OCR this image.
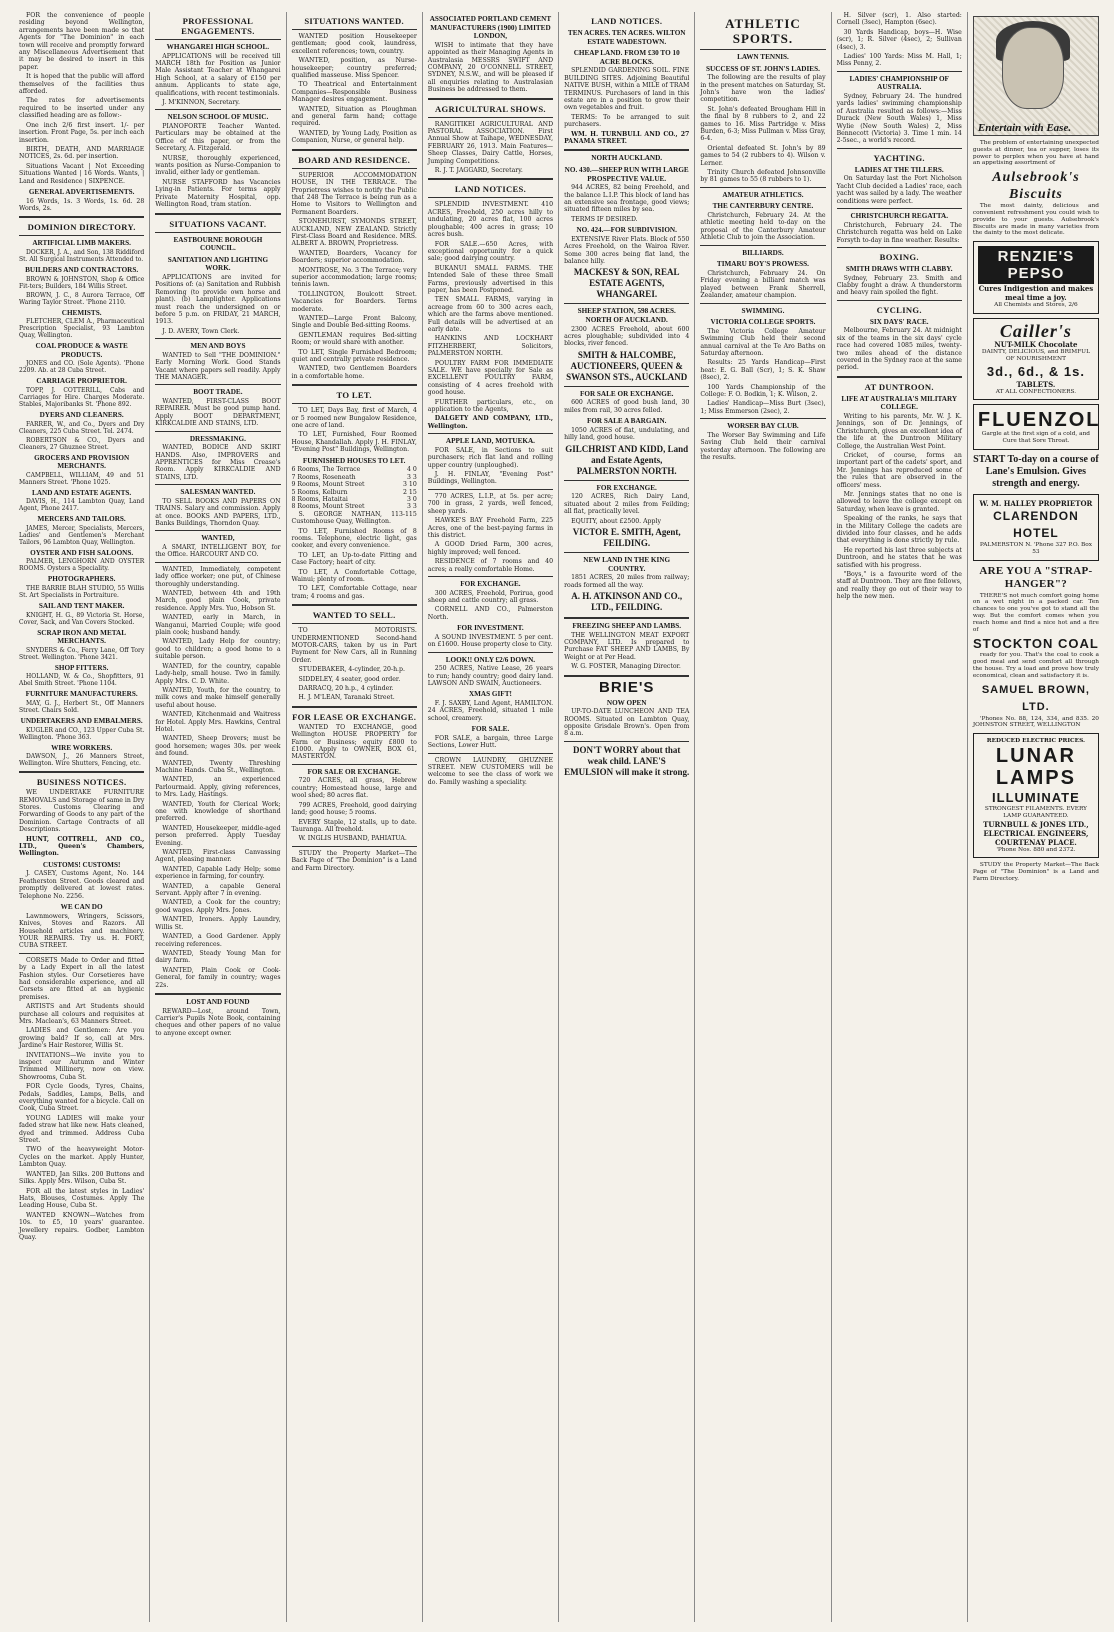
FOR the convenience of people residing beyond Wellington, arrangements have been made so that Agents for "The Dominion" in each town will receive and promptly forward any Miscellaneous Advertisement that it may be desired to insert in this paper.

It is hoped that the public will afford themselves of the facilities thus afforded.

The rates for advertisements required to be inserted under any classified heading are as follow:-

One inch 2/6 first insert. 1/- per insertion. Front Page, 5s. per inch each insertion.

BIRTH, DEATH, AND MARRIAGE NOTICES, 2s. 6d. per insertion.

Situations Vacant | Not Exceeding Situations Wanted | 16 Words. Wants, | Land and Residence | SIXPENCE.

GENERAL ADVERTISEMENTS.

16 Words, 1s. 3 Words, 1s. 6d. 28 Words, 2s.

DOMINION DIRECTORY.
ARTIFICIAL LIMB MAKERS.

DOCKER, J. A., and Son, 138 Riddiford St. All Surgical Instruments Attended to.

BUILDERS AND CONTRACTORS.

BROWN & JOHNSTON, Shop & Office Fit-ters; Builders, 184 Willis Street.

BROWN, J. C., 8 Aurora Terrace, Off Waring Taylor Street. 'Phone 2110.

CHEMISTS.

FLETCHER, CLEM A., Pharmaceutical Prescription Specialist, 93 Lambton Quay, Wellington.

COAL PRODUCE & WASTE PRODUCTS.

JONES and CO. (Sole Agents). 'Phone 2209. Ab. at 28 Cuba Street.

CARRIAGE PROPRIETOR.

TOPP, J. COTTERILL, Cabs and Carriages for Hire. Charges Moderate. Stables, Majoribanks St. 'Phone 892.

DYERS AND CLEANERS.

FARRER, W., and Co., Dyers and Dry Cleaners, 225 Cuba Street. Tel. 2474.

ROBERTSON & CO., Dyers and Cleaners, 27 Ghuznee Street.

GROCERS AND PROVISION MERCHANTS.

CAMPBELL, WILLIAM, 49 and 51 Manners Street. 'Phone 1025.

LAND AND ESTATE AGENTS.

DAVIS, H., 114 Lambton Quay, Land Agent, Phone 2417.

MERCERS AND TAILORS.

JAMES, Mercer, Specialists, Mercers, Ladies' and Gentlemen's Merchant Tailors, 96 Lambton Quay, Wellington.

OYSTER AND FISH SALOONS.

PALMER, LENGHORN AND OYSTER ROOMS. Oysters a Speciality.

PHOTOGRAPHERS.

THE BARRIE BLAH STUDIO, 55 Willis St. Art Specialists in Portraiture.

SAIL AND TENT MAKER.

KNIGHT, H. G., 89 Victoria St. Horse, Cover, Sack, and Van Covers Stocked.

SCRAP IRON AND METAL MERCHANTS.

SNYDERS & Co., Ferry Lane, Off Tory Street. Wellington. 'Phone 3421.

SHOP FITTERS.

HOLLAND, W. & Co., Shopfitters, 91 Abel Smith Street. 'Phone 1104.

FURNITURE MANUFACTURERS.

MAY, G. J., Herbert St., Off Manners Street. Chairs Sold.

UNDERTAKERS AND EMBALMERS.

KUGLER and CO., 123 Upper Cuba St. Wellington. 'Phone 363.

WIRE WORKERS.

DAWSON, J., 26 Manners Street, Wellington. Wire Shutters, Fencing, etc.

BUSINESS NOTICES.

WE UNDERTAKE FURNITURE REMOVALS and Storage of same in Dry Stores. Customs Clearing and Forwarding of Goods to any part of the Dominion. Cartage Contracts of all Descriptions.

HUNT, COTTRELL, AND CO., LTD., Queen's Chambers, Wellington.

CUSTOMS! CUSTOMS!

J. CASEY, Customs Agent, No. 144 Featherston Street. Goods cleared and promptly delivered at lowest rates. Telephone No. 2256.

WE CAN DO

Lawnmowers, Wringers, Scissors, Knives, Stoves and Razors. All Household articles and machinery. YOUR REPAIRS. Try us. H. FORT, CUBA STREET.

CORSETS Made to Order and fitted by a Lady Expert in all the latest Fashion styles. Our Corsetieres have had considerable experience, and all Corsets are fitted at an hygienic premises.

ARTISTS and Art Students should purchase all colours and requisites at Mrs. Maclean's, 63 Manners Street.

LADIES and Gentlemen: Are you growing bald? If so, call at Mrs. Jardine's Hair Restorer, Willis St.

INVITATIONS—We invite you to inspect our Autumn and Winter Trimmed Millinery, now on view. Showrooms, Cuba St.

FOR Cycle Goods, Tyres, Chains, Pedals, Saddles, Lamps, Bells, and everything wanted for a bicycle. Call on Cook, Cuba Street.

YOUNG LADIES will make your faded straw hat like new. Hats cleaned, dyed and trimmed. Address Cuba Street.

TWO of the heavyweight Motor-Cycles on the market. Apply Hunter, Lambton Quay.

WANTED, Jan Silks. 200 Buttons and Silks. Apply Mrs. Wilson, Cuba St.

FOR all the latest styles in Ladies' Hats, Blouses, Costumes. Apply The Leading House, Cuba St.

WANTED KNOWN—Watches from 10s. to £5, 10 years' guarantee. Jewellery repairs. Godber, Lambton Quay.

PROFESSIONAL ENGAGEMENTS.
WHANGAREI HIGH SCHOOL.

APPLICATIONS will be received till MARCH 18th for Position as Junior Male Assistant Teacher at Whangarei High School, at a salary of £150 per annum. Applicants to state age, qualifications, with recent testimonials.

J. M'KINNON, Secretary.

NELSON SCHOOL OF MUSIC.

PIANOFORTE Teacher Wanted. Particulars may be obtained at the Office of this paper, or from the Secretary, A. Fitzgerald.

NURSE, thoroughly experienced, wants position as Nurse-Companion to invalid, either lady or gentleman.

NURSE STAFFORD has Vacancies Lying-in Patients. For terms apply Private Maternity Hospital, opp. Wellington Road, tram station.

SITUATIONS VACANT.
EASTBOURNE BOROUGH COUNCIL.
SANITATION AND LIGHTING WORK.

APPLICATIONS are invited for Positions of: (a) Sanitation and Rubbish Removing (to provide own horse and plant). (b) Lamplighter. Applications must reach the undersigned on or before 5 p.m. on FRIDAY, 21 MARCH, 1913.

J. D. AVERY, Town Clerk.

MEN AND BOYS

WANTED to Sell "THE DOMINION." Early Morning Work. Good Stands Vacant where papers sell readily. Apply THE MANAGER.

BOOT TRADE.

WANTED, FIRST-CLASS BOOT REPAIRER. Must be good pump hand. Apply BOOT DEPARTMENT, KIRKCALDIE AND STAINS, LTD.

DRESSMAKING.

WANTED, BODICE AND SKIRT HANDS. Also, IMPROVERS and APPRENTICES for Miss Crease's Room. Apply KIRKCALDIE AND STAINS, LTD.

SALESMAN WANTED.

TO SELL BOOKS AND PAPERS ON TRAINS. Salary and commission. Apply at once. BOOKS AND PAPERS, LTD., Banks Buildings, Thorndon Quay.

WANTED,

A SMART, INTELLIGENT BOY, for the Office. HARCOURT AND CO.

WANTED, Immediately, competent lady office worker; one put, of Chinese thoroughly understanding.

WANTED, between 4th and 19th March, good plain Cook, private residence. Apply Mrs. Yuo, Hobson St.

WANTED, early in March, in Wanganui, Married Couple; wife good plain cook; husband handy.

WANTED, Lady Help for country; good to children; a good home to a suitable person.

WANTED, for the country, capable Lady-help, small house. Two in family. Apply Mrs. C. D. White.

WANTED, Youth, for the country, to milk cows and make himself generally useful about house.

WANTED, Kitchenmaid and Waitress for Hotel. Apply Mrs. Hawkins, Central Hotel.

WANTED, Sheep Drovers; must be good horsemen; wages 30s. per week and found.

WANTED, Twenty Threshing Machine Hands. Cuba St., Wellington.

WANTED, an experienced Parlourmaid. Apply, giving references, to Mrs. Lady, Hastings.

WANTED, Youth for Clerical Work; one with knowledge of shorthand preferred.

WANTED, Housekeeper, middle-aged person preferred. Apply Tuesday Evening.

WANTED, First-class Canvassing Agent, pleasing manner.

WANTED, Capable Lady Help; some experience in farming, for country.

WANTED, a capable General Servant. Apply after 7 in evening.

WANTED, a Cook for the country; good wages. Apply Mrs. Jones.

WANTED, Ironers. Apply Laundry, Willis St.

WANTED, a Good Gardener. Apply receiving references.

WANTED, Steady Young Man for dairy farm.

WANTED, Plain Cook or Cook-General, for family in country; wages 22s.

LOST AND FOUND

REWARD—Lost, around Town, Carrier's Pupils Note Book, containing cheques and other papers of no value to anyone except owner.

SITUATIONS WANTED.

WANTED position Housekeeper gentleman; good cook, laundress, excellent references; town, country.

WANTED, position, as Nurse-housekeeper; country preferred; qualified masseuse. Miss Spencer.

TO Theatrical and Entertainment Companies—Responsible Business Manager desires engagement.

WANTED, Situation as Ploughman and general farm hand; cottage required.

WANTED, by Young Lady, Position as Companion, Nurse, or general help.

BOARD AND RESIDENCE.

SUPERIOR ACCOMMODATION HOUSE, IN THE TERRACE. The Proprietress wishes to notify the Public that 248 The Terrace is being run as a Home to Visitors to Wellington and Permanent Boarders.

STONEHURST, SYMONDS STREET, AUCKLAND, NEW ZEALAND. Strictly First-Class Board and Residence. MRS. ALBERT A. BROWN, Proprietress.

WANTED, Boarders, Vacancy for Boarders; superior accommodation.

MONTROSE, No. 3 The Terrace; very superior accommodation; large rooms; tennis lawn.

TOLLINGTON, Boulcott Street. Vacancies for Boarders. Terms moderate.

WANTED—Large Front Balcony, Single and Double Bed-sitting Rooms.

GENTLEMAN requires Bed-sitting Room; or would share with another.

TO LET, Single Furnished Bedroom; quiet and centrally private residence.

WANTED, two Gentlemen Boarders in a comfortable home.

TO LET.

TO LET, Days Bay, first of March, 4 or 5 roomed new Bungalow Residence, one acre of land.

TO LET, Furnished, Four Roomed House, Khandallah. Apply J. H. FINLAY, "Evening Post" Buildings, Wellington.

FURNISHED HOUSES TO LET.
6 Rooms, The Terrace	4 0
7 Rooms, Roseneath	3 3
9 Rooms, Mount Street	3 10
5 Rooms, Kelburn	2 15
8 Rooms, Hataitai	3 0
8 Rooms, Mount Street	3 3

S. GEORGE NATHAN, 113-115 Customhouse Quay, Wellington.

TO LET, Furnished Rooms of 8 rooms. Telephone, electric light, gas cooker, and every convenience.

TO LET, an Up-to-date Fitting and Case Factory; heart of city.

TO LET, A Comfortable Cottage, Wainui; plenty of room.

TO LET, Comfortable Cottage, near tram; 4 rooms and gas.

WANTED TO SELL.

TO MOTORISTS. UNDERMENTIONED Second-hand MOTOR-CARS, taken by us in Part Payment for New Cars, all in Running Order.

STUDEBAKER, 4-cylinder, 20-h.p.

SIDDELEY, 4 seater, good order.

DARRACQ, 20 h.p., 4 cylinder.

H. J. M'LEAN, Taranaki Street.

FOR LEASE OR EXCHANGE.

WANTED TO EXCHANGE, good Wellington HOUSE PROPERTY for Farm or Business; equity £800 to £1000. Apply to OWNER, BOX 61, MASTERTON.

FOR SALE OR EXCHANGE.

720 ACRES, all grass, Hebrew country; Homestead house, large and wool shed; 80 acres flat.

799 ACRES, Freehold, good dairying land; good house; 5 rooms.

EVERY Staple, 12 stalls, up to date. Tauranga. All freehold.

W. INGLIS HUSBAND, PAHIATUA.

STUDY the Property Market—The Back Page of "The Dominion" is a Land and Farm Directory.

ASSOCIATED PORTLAND CEMENT MANUFACTURERS (1900) LIMITED LONDON,

WISH to intimate that they have appointed as their Managing Agents in Australasia MESSRS SWIFT AND COMPANY, 20 O'CONNELL STREET, SYDNEY, N.S.W., and will be pleased if all enquiries relating to Australasian Business be addressed to them.

AGRICULTURAL SHOWS.

RANGITIKEI AGRICULTURAL AND PASTORAL ASSOCIATION. First Annual Show at Taihape, WEDNESDAY, FEBRUARY 26, 1913. Main Features—Sheep Classes, Dairy Cattle, Horses, Jumping Competitions.

R. J. T. JAGGARD, Secretary.

LAND NOTICES.

SPLENDID INVESTMENT. 410 ACRES, Freehold, 250 acres hilly to undulating, 20 acres flat, 100 acres ploughable; 400 acres in grass; 10 acres bush.

FOR SALE.—650 Acres, with exceptional opportunity for a quick sale; good dairying country.

BUKANUI SMALL FARMS. THE Intended Sale of these three Small Farms, previously advertised in this paper, has been Postponed.

TEN SMALL FARMS, varying in acreage from 60 to 300 acres each, which are the farms above mentioned. Full details will be advertised at an early date.

HANKINS AND LOCKHART FITZHERBERT, Solicitors, PALMERSTON NORTH.

POULTRY FARM FOR IMMEDIATE SALE. WE have specially for Sale as EXCELLENT POULTRY FARM, consisting of 4 acres freehold with good house.

FURTHER particulars, etc., on application to the Agents,

DALGETY AND COMPANY, LTD., Wellington.

APPLE LAND, MOTUEKA.

FOR SALE, in Sections to suit purchasers; rich flat land and rolling upper country (unploughed).

J. H. FINLAY, "Evening Post" Buildings, Wellington.

770 ACRES, L.I.P., at 5s. per acre; 700 in grass, 2 yards, well fenced, sheep yards.

HAWKE'S BAY Freehold Farm, 225 Acres, one of the best-paying farms in this district.

A GOOD Dried Farm, 300 acres, highly improved; well fenced.

RESIDENCE of 7 rooms and 40 acres; a really comfortable Home.

FOR EXCHANGE.

300 ACRES, Freehold, Porirua, good sheep and cattle country; all grass.

CORNELL AND CO., Palmerston North.

FOR INVESTMENT.

A SOUND INVESTMENT. 5 per cent. on £1600. House property close to City.

LOOK!! ONLY £2/6 DOWN.

250 ACRES, Native Lease, 26 years to run; handy country; good dairy land. LAWSON AND SWAIN, Auctioneers.

XMAS GIFT!

F. J. SAXBY, Land Agent, HAMILTON. 24 ACRES, Freehold, situated 1 mile school, creamery.

FOR SALE.

FOR SALE, a bargain, three Large Sections, Lower Hutt.

CROWN LAUNDRY, GHUZNEE STREET. NEW CUSTOMERS will be welcome to see the class of work we do. Family washing a speciality.

LAND NOTICES.
TEN ACRES. TEN ACRES. WILTON ESTATE WADESTOWN.
CHEAP LAND. FROM £30 TO 10 ACRE BLOCKS.

SPLENDID GARDENING SOIL. FINE BUILDING SITES. Adjoining Beautiful NATIVE BUSH, within a MILE of TRAM TERMINUS. Purchasers of land in this estate are in a position to grow their own vegetables and fruit.

TERMS: To be arranged to suit purchasers.

WM. H. TURNBULL AND CO., 27 PANAMA STREET.

NORTH AUCKLAND.
NO. 430.—SHEEP RUN WITH LARGE PROSPECTIVE VALUE.

944 ACRES, 82 being Freehold, and the balance L.I.P. This block of land has an extensive sea frontage, good views; situated fifteen miles by sea.

TERMS IF DESIRED.

NO. 424.—FOR SUBDIVISION.

EXTENSIVE River Flats. Block of 550 Acres Freehold, on the Wairoa River. Some 300 acres being flat land, the balance hilly.

MACKESY & SON, REAL ESTATE AGENTS, WHANGAREI.
SHEEP STATION, 598 ACRES. NORTH OF AUCKLAND.

2300 ACRES Freehold, about 600 acres ploughable; subdivided into 4 blocks, river fenced.

SMITH & HALCOMBE, AUCTIONEERS, QUEEN & SWANSON STS., AUCKLAND
FOR SALE OR EXCHANGE.

600 ACRES of good bush land, 30 miles from rail, 30 acres felled.

FOR SALE A BARGAIN.

1050 ACRES of flat, undulating, and hilly land, good house.

GILCHRIST AND KIDD, Land and Estate Agents, PALMERSTON NORTH.
FOR EXCHANGE.

120 ACRES, Rich Dairy Land, situated about 2 miles from Feilding; all flat, practically level.

EQUITY, about £2500. Apply

VICTOR E. SMITH, Agent, FEILDING.
NEW LAND IN THE KING COUNTRY.

1851 ACRES, 20 miles from railway; roads formed all the way.

A. H. ATKINSON AND CO., LTD., FEILDING.
FREEZING SHEEP AND LAMBS.

THE WELLINGTON MEAT EXPORT COMPANY, LTD. Is prepared to Purchase FAT SHEEP AND LAMBS, By Weight or at Per Head.

W. G. FOSTER, Managing Director.

BRIE'S
NOW OPEN

UP-TO-DATE LUNCHEON AND TEA ROOMS. Situated on Lambton Quay, opposite Grisdale Brown's. Open from 8 a.m.

DON'T WORRY about that weak child. LANE'S EMULSION will make it strong.
ATHLETIC SPORTS.
LAWN TENNIS.
SUCCESS OF ST. JOHN'S LADIES.

The following are the results of play in the present matches on Saturday, St. John's have won the ladies' competition.

St. John's defeated Brougham Hill in the final by 8 rubbers to 2, and 22 games to 16. Miss Partridge v. Miss Burden, 6-3; Miss Pullman v. Miss Gray, 6-4.

Oriental defeated St. John's by 89 games to 54 (2 rubbers to 4). Wilson v. Lerner.

Trinity Church defeated Johnsonville by 81 games to 55 (8 rubbers to 1).

AMATEUR ATHLETICS.
THE CANTERBURY CENTRE.

Christchurch, February 24. At the athletic meeting held to-day on the proposal of the Canterbury Amateur Athletic Club to join the Association.

BILLIARDS.
TIMARU BOY'S PROWESS.

Christchurch, February 24. On Friday evening a billiard match was played between Frank Sherrell, Zealander, amateur champion.

SWIMMING.
VICTORIA COLLEGE SPORTS.

The Victoria College Amateur Swimming Club held their second annual carnival at the Te Aro Baths on Saturday afternoon.

Results: 25 Yards Handicap—First heat: E. G. Ball (Scr), 1; S. K. Shaw (8sec), 2.

100 Yards Championship of the College: F. O. Bodkin, 1; K. Wilson, 2.

Ladies' Handicap—Miss Burt (3sec), 1; Miss Emmerson (2sec), 2.

WORSER BAY CLUB.

The Worser Bay Swimming and Life Saving Club held their carnival yesterday afternoon. The following are the results.

H. Silver (scr), 1. Also started: Cornell (3sec), Hampton (6sec).

30 Yards Handicap, boys—H. Wise (scr), 1; R. Silver (4sec), 2; Sullivan (4sec), 3.

Ladies' 100 Yards: Miss M. Hall, 1; Miss Penny, 2.

LADIES' CHAMPIONSHIP OF AUSTRALIA.

Sydney, February 24. The hundred yards ladies' swimming championship of Australia resulted as follows:—Miss Durack (New South Wales) 1, Miss Wylie (New South Wales) 2, Miss Bennecott (Victoria) 3. Time 1 min. 14 2-5sec., a world's record.

YACHTING.
LADIES AT THE TILLERS.

On Saturday last the Port Nicholson Yacht Club decided a Ladies' race, each yacht was sailed by a lady. The weather conditions were perfect.

CHRISTCHURCH REGATTA.

Christchurch, February 24. The Christchurch regatta was held on Lake Forsyth to-day in fine weather. Results:

BOXING.
SMITH DRAWS WITH CLABBY.

Sydney, February 23. Smith and Clabby fought a draw. A thunderstorm and heavy rain spoiled the fight.

CYCLING.
SIX DAYS' RACE.

Melbourne, February 24. At midnight six of the teams in the six days' cycle race had covered 1085 miles, twenty-two miles ahead of the distance covered in the Sydney race at the same period.

AT DUNTROON.
LIFE AT AUSTRALIA'S MILITARY COLLEGE.

Writing to his parents, Mr. W. J. K. Jennings, son of Dr. Jennings, of Christchurch, gives an excellent idea of the life at the Duntroon Military College, the Australian West Point.

Cricket, of course, forms an important part of the cadets' sport, and Mr. Jennings has reproduced some of the rules that are observed in the officers' mess.

Mr. Jennings states that no one is allowed to leave the college except on Saturday, when leave is granted.

Speaking of the ranks, he says that in the Military College the cadets are divided into four classes, and he adds that everything is done strictly by rule.

He reported his last three subjects at Duntroon, and he states that he was satisfied with his progress.

"Boys," is a favourite word of the staff at Duntroon. They are fine fellows, and really they go out of their way to help the new men.

Entertain with Ease.

The problem of entertaining unexpected guests at dinner, tea or supper, loses its power to perplex when you have at hand an appetising assortment of

Aulsebrook's Biscuits

The most dainty, delicious and convenient refreshment you could wish to provide to your guests. Aulsebrook's Biscuits are made in many varieties from the dainty to the most delicate.

RENZIE'S PEPSO
Cures Indigestion and makes meal time a joy.
All Chemists and Stores, 2/6
Cailler's
NUT-MILK Chocolate
DAINTY, DELICIOUS, and BRIMFUL OF NOURISHMENT
3d., 6d., & 1s.
TABLETS.
AT ALL CONFECTIONERS.
FLUENZOL
Gargle at the first sign of a cold, and Cure that Sore Throat.
START To-day on a course of Lane's Emulsion. Gives strength and energy.
W. M. HALLEY PROPRIETOR
CLARENDON HOTEL
PALMERSTON N. 'Phone 327 P.O. Box 53
ARE YOU A "STRAP-HANGER"?

THERE'S not much comfort going home on a wet night in a packed car. Ten chances to one you've got to stand all the way. But the comfort comes when you reach home and find a nice hot and a fire of

STOCKTON COAL

ready for you. That's the coal to cook a good meal and send comfort all through the house. Try a load and prove how truly economical, clean and satisfactory it is.

SAMUEL BROWN, LTD.

'Phones No. 88, 124, 334, and 835. 20 JOHNSTON STREET, WELLINGTON

REDUCED ELECTRIC PRICES.
LUNAR
LAMPS
ILLUMINATE
STRONGEST FILAMENTS. EVERY LAMP GUARANTEED.
TURNBULL & JONES LTD., ELECTRICAL ENGINEERS, COURTENAY PLACE.
'Phone Nos. 880 and 2372.

STUDY the Property Market—The Back Page of "The Dominion" is a Land and Farm Directory.
